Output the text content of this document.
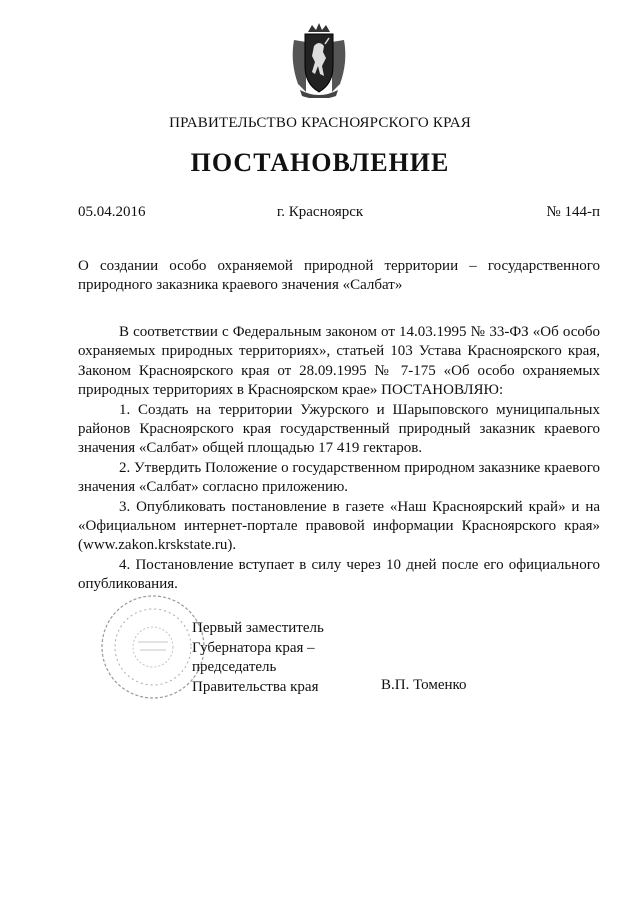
ПРАВИТЕЛЬСТВО КРАСНОЯРСКОГО КРАЯ
ПОСТАНОВЛЕНИЕ
05.04.2016	г. Красноярск	№ 144-п
О создании особо охраняемой природной территории – государственного природного заказника краевого значения «Салбат»

В соответствии с Федеральным законом от 14.03.1995 № 33-ФЗ «Об особо охраняемых природных территориях», статьей 103 Устава Красноярского края, Законом Красноярского края от 28.09.1995 № 7-175 «Об особо охраняемых природных территориях в Красноярском крае» ПОСТАНОВЛЯЮ:

1. Создать на территории Ужурского и Шарыповского муниципальных районов Красноярского края государственный природный заказник краевого значения «Салбат» общей площадью 17 419 гектаров.

2. Утвердить Положение о государственном природном заказнике краевого значения «Салбат» согласно приложению.

3. Опубликовать постановление в газете «Наш Красноярский край» и на «Официальном интернет-портале правовой информации Красноярского края» (www.zakon.krskstate.ru).

4. Постановление вступает в силу через 10 дней после его официального опубликования.

Первый заместитель
Губернатора края –
председатель
Правительства края	В.П. Томенко
